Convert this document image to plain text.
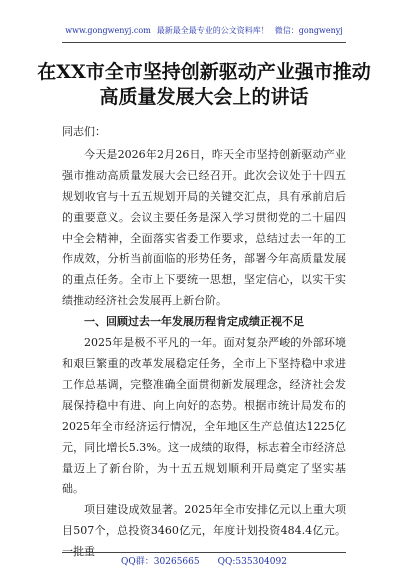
www.gongwenyj.com 最新最全最专业的公文资料库！ 微信：gongwenyj
在XX市全市坚持创新驱动产业强市推动
高质量发展大会上的讲话

同志们：

今天是2026年2月26日，昨天全市坚持创新驱动产业强市推动高质量发展大会已经召开。此次会议处于十四五规划收官与十五五规划开局的关键交汇点，具有承前启后的重要意义。会议主要任务是深入学习贯彻党的二十届四中全会精神，全面落实省委工作要求，总结过去一年的工作成效，分析当前面临的形势任务，部署今年高质量发展的重点任务。全市上下要统一思想，坚定信心，以实干实绩推动经济社会发展再上新台阶。

一、回顾过去一年发展历程肯定成绩正视不足

2025年是极不平凡的一年。面对复杂严峻的外部环境和艰巨繁重的改革发展稳定任务，全市上下坚持稳中求进工作总基调，完整准确全面贯彻新发展理念，经济社会发展保持稳中有进、向上向好的态势。根据市统计局发布的2025年全市经济运行情况，全年地区生产总值达1225亿元，同比增长5.3%。这一成绩的取得，标志着全市经济总量迈上了新台阶，为十五五规划顺利开局奠定了坚实基础。

项目建设成效显著。2025年全市安排亿元以上重大项目507个，总投资3460亿元，年度计划投资484.4亿元。一批重

QQ群：30265665 QQ:535304092
